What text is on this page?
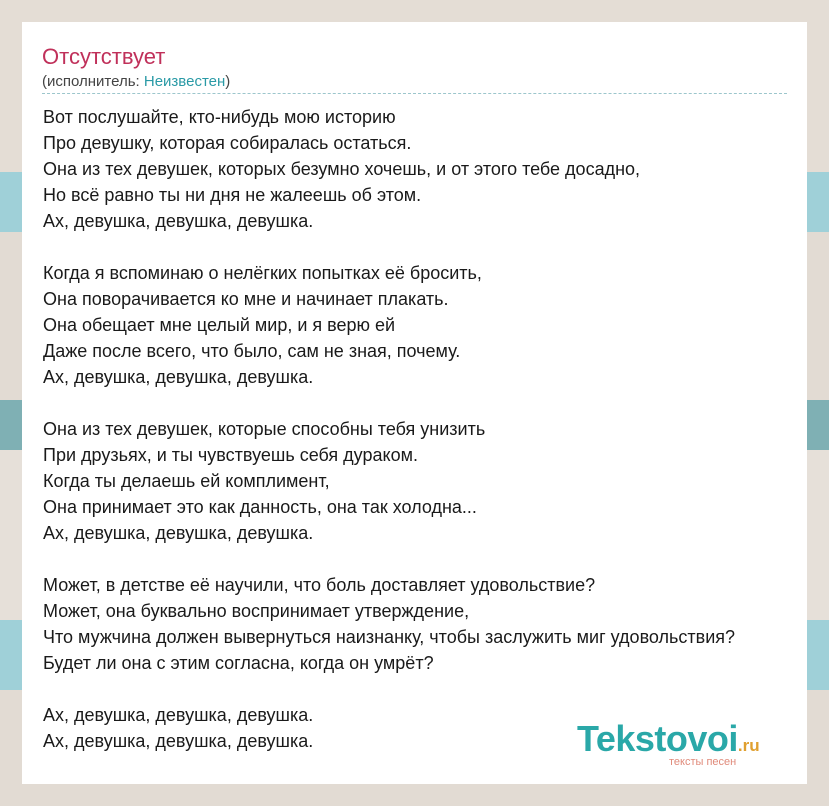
Отсутствует
(исполнитель: Неизвестен)
Вот послушайте, кто-нибудь мою историю
Про девушку, которая собиралась остаться.
Она из тех девушек, которых безумно хочешь, и от этого тебе досадно,
Но всё равно ты ни дня не жалеешь об этом.
Ах, девушка, девушка, девушка.
Когда я вспоминаю о нелёгких попытках её бросить,
Она поворачивается ко мне и начинает плакать.
Она обещает мне целый мир, и я верю ей
Даже после всего, что было, сам не зная, почему.
Ах, девушка, девушка, девушка.
Она из тех девушек, которые способны тебя унизить
При друзьях, и ты чувствуешь себя дураком.
Когда ты делаешь ей комплимент,
Она принимает это как данность, она так холодна...
Ах, девушка, девушка, девушка.
Может, в детстве её научили, что боль доставляет удовольствие?
Может, она буквально воспринимает утверждение,
Что мужчина должен вывернуться наизнанку, чтобы заслужить миг удовольствия?
Будет ли она с этим согласна, когда он умрёт?
Ах, девушка, девушка, девушка.
Ах, девушка, девушка, девушка.	Tekstovoi.ru
тексты песен
